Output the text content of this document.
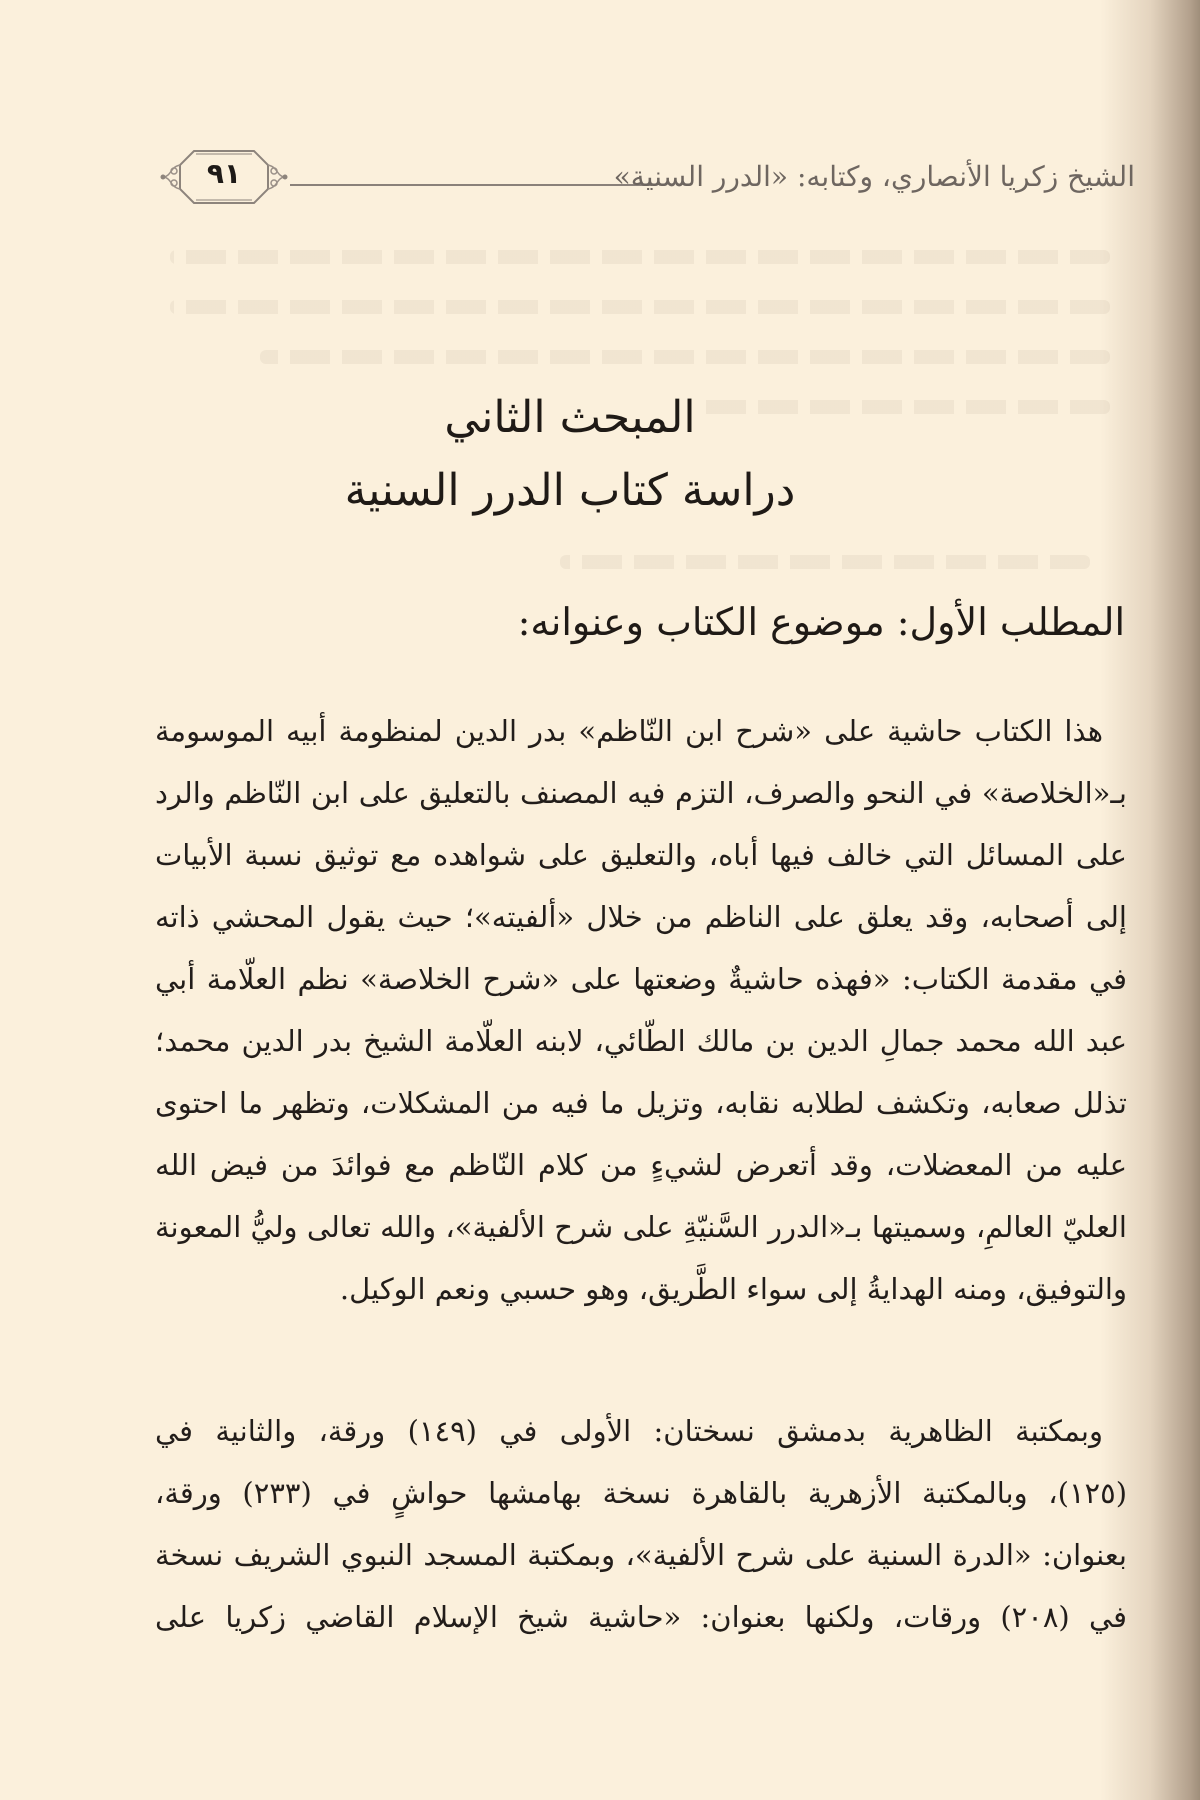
٩١	الشيخ زكريا الأنصاري، وكتابه: «الدرر السنية»
المبحث الثاني
دراسة كتاب الدرر السنية
المطلب الأول: موضوع الكتاب وعنوانه:
هذا الكتاب حاشية على «شرح ابن النّاظم» بدر الدين لمنظومة أبيه الموسومة
بـ«الخلاصة» في النحو والصرف، التزم فيه المصنف بالتعليق على ابن النّاظم والرد
على المسائل التي خالف فيها أباه، والتعليق على شواهده مع توثيق نسبة الأبيات
إلى أصحابه، وقد يعلق على الناظم من خلال «ألفيته»؛ حيث يقول المحشي ذاته
في مقدمة الكتاب: «فهذه حاشيةٌ وضعتها على «شرح الخلاصة» نظم العلّامة أبي
عبد الله محمد جمالِ الدين بن مالك الطّائي، لابنه العلّامة الشيخ بدر الدين محمد؛
تذلل صعابه، وتكشف لطلابه نقابه، وتزيل ما فيه من المشكلات، وتظهر ما احتوى
عليه من المعضلات، وقد أتعرض لشيءٍ من كلام النّاظم مع فوائدَ من فيض الله
العليّ العالمِ، وسميتها بـ«الدرر السَّنيّةِ على شرح الألفية»، والله تعالى وليُّ المعونة
والتوفيق، ومنه الهدايةُ إلى سواء الطَّريق، وهو حسبي ونعم الوكيل.
وبمكتبة الظاهرية بدمشق نسختان: الأولى في (١٤٩) ورقة، والثانية في
(١٢٥)، وبالمكتبة الأزهرية بالقاهرة نسخة بهامشها حواشٍ في (٢٣٣) ورقة،
بعنوان: «الدرة السنية على شرح الألفية»، وبمكتبة المسجد النبوي الشريف نسخة
في (٢٠٨) ورقات، ولكنها بعنوان: «حاشية شيخ الإسلام القاضي زكريا على
